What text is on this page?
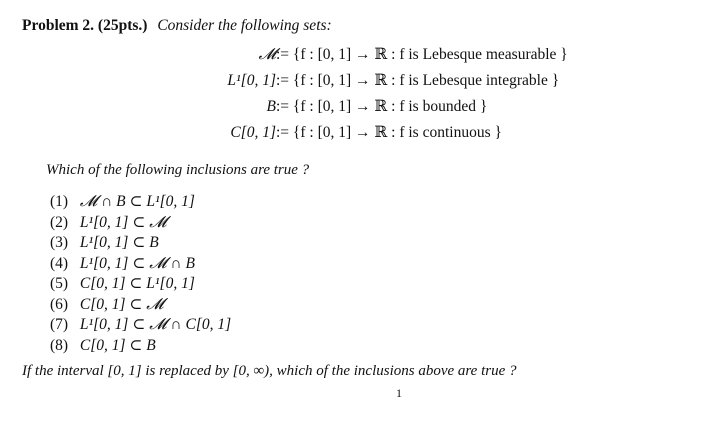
Problem 2. (25pts.) Consider the following sets:
𝓜 := {f : [0, 1] → ℝ : f is Lebesque measurable }
L¹[0, 1] := {f : [0, 1] → ℝ : f is Lebesque integrable }
B := {f : [0, 1] → ℝ : f is bounded }
C[0, 1] := {f : [0, 1] → ℝ : f is continuous }
Which of the following inclusions are true ?
(1) 𝓜 ∩ B ⊂ L¹[0, 1]
(2) L¹[0, 1] ⊂ 𝓜
(3) L¹[0, 1] ⊂ B
(4) L¹[0, 1] ⊂ 𝓜 ∩ B
(5) C[0, 1] ⊂ L¹[0, 1]
(6) C[0, 1] ⊂ 𝓜
(7) L¹[0, 1] ⊂ 𝓜 ∩ C[0, 1]
(8) C[0, 1] ⊂ B
If the interval [0, 1] is replaced by [0, ∞), which of the inclusions above are true ?
1
